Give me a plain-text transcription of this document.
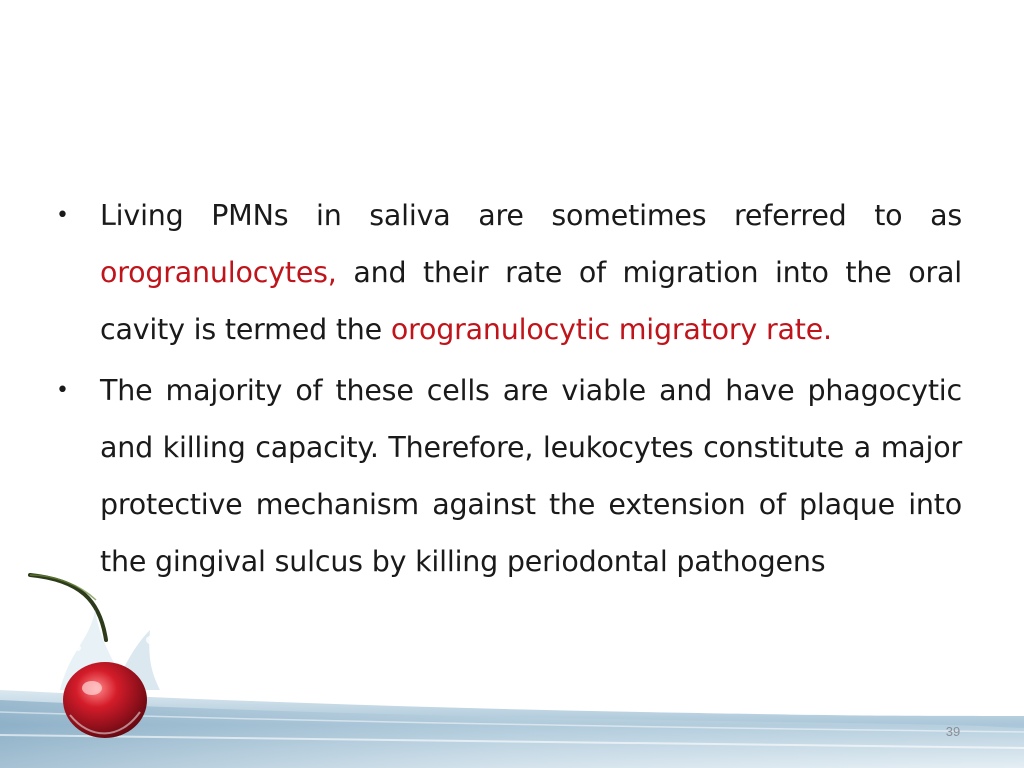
• Living PMNs in saliva are sometimes referred to as orogranulocytes, and their rate of migration into the oral cavity is termed the orogranulocytic migratory rate.
• The majority of these cells are viable and have phagocytic and killing capacity. Therefore, leukocytes constitute a major protective mechanism against the extension of plaque into the gingival sulcus by killing periodontal pathogens
39
